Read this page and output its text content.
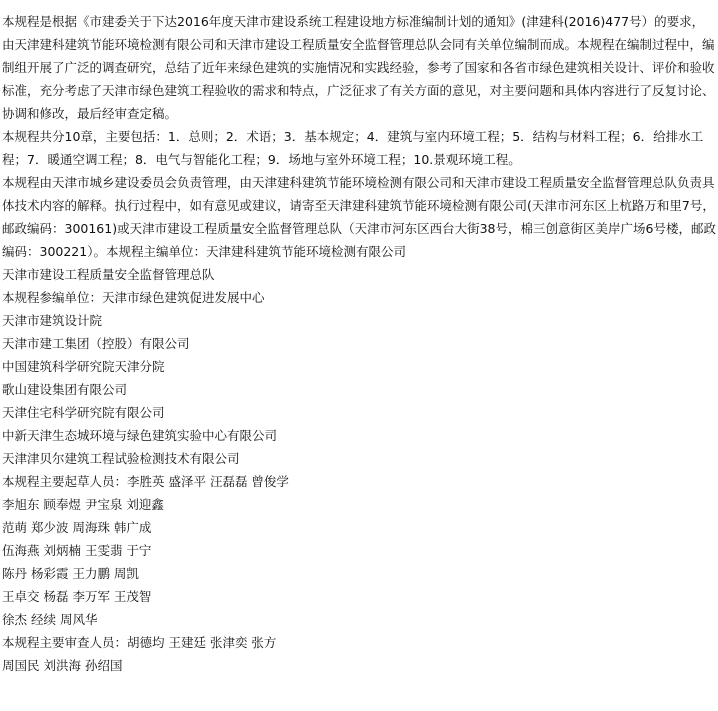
本规程是根据《市建委关于下达2016年度天津市建设系统工程建设地方标准编制计划的通知》(津建科(2016)477号）的要求，由天津建科建筑节能环境检测有限公司和天津市建设工程质量安全监督管理总队会同有关单位编制而成。本规程在编制过程中，编制组开展了广泛的调查研究，总结了近年来绿色建筑的实施情况和实践经验，参考了国家和各省市绿色建筑相关设计、评价和验收标准，充分考虑了天津市绿色建筑工程验收的需求和特点，广泛征求了有关方面的意见，对主要问题和具体内容进行了反复讨论、协调和修改，最后经审查定稿。

本规程共分10章，主要包括：1．总则；2．术语；3．基本规定；4．建筑与室内环境工程；5．结构与材料工程；6．给排水工程；7．暖通空调工程；8．电气与智能化工程；9．场地与室外环境工程；10.景观环境工程。

本规程由天津市城乡建设委员会负责管理，由天津建科建筑节能环境检测有限公司和天津市建设工程质量安全监督管理总队负责具体技术内容的解释。执行过程中，如有意见或建议，请寄至天津建科建筑节能环境检测有限公司(天津市河东区上杭路万和里7号，邮政编码：300161)或天津市建设工程质量安全监督管理总队（天津市河东区西台大街38号，棉三创意街区美岸广场6号楼，邮政编码：300221）。本规程主编单位：天津建科建筑节能环境检测有限公司

天津市建设工程质量安全监督管理总队

本规程参编单位：天津市绿色建筑促进发展中心

天津市建筑设计院

天津市建工集团（控股）有限公司

中国建筑科学研究院天津分院

歌山建设集团有限公司

天津住宅科学研究院有限公司

中新天津生态城环境与绿色建筑实验中心有限公司

天津津贝尔建筑工程试验检测技术有限公司

本规程主要起草人员：李胜英 盛泽平 汪磊磊 曾俊学

李旭东 顾奉煜 尹宝泉 刘迎鑫

范萌 郑少波 周海珠 韩广成

伍海燕 刘炳楠 王雯翡 于宁

陈丹 杨彩霞 王力鹏 周凯

王卓交 杨磊 李万军 王茂智

徐杰 经续 周风华

本规程主要审查人员：胡德均 王建廷 张津奕 张方

周国民 刘洪海 孙绍国
